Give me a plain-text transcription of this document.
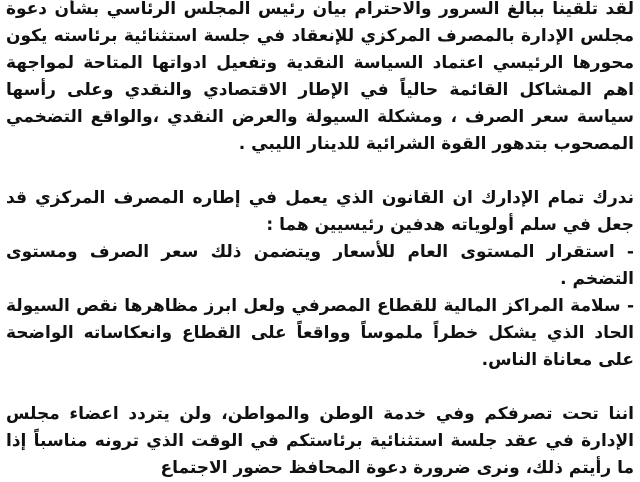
لقد تلقينا ببالغ السرور والاحترام بيان رئيس المجلس الرئاسي بشأن دعوة مجلس الإدارة بالمصرف المركزي للإنعقاد في جلسة استثنائية برئاسته يكون محورها الرئيسي اعتماد السياسة النقدية وتفعيل ادواتها المتاحة لمواجهة اهم المشاكل القائمة حالياً في الإطار الاقتصادي والنقدي وعلى رأسها سياسة سعر الصرف ، ومشكلة السيولة والعرض النقدي ،والواقع التضخمي المصحوب بتدهور القوة الشرائية للدينار الليبي .

ندرك تمام الإدارك ان القانون الذي يعمل في إطاره المصرف المركزي قد جعل في سلم أولوياته هدفين رئيسيين هما :
- استقرار المستوى العام للأسعار ويتضمن ذلك سعر الصرف ومستوى التضخم .
- سلامة المراكز المالية للقطاع المصرفي ولعل ابرز مظاهرها نقص السيولة الحاد الذي يشكل خطراً ملموساً وواقعاً على القطاع وانعكاساته الواضحة على معاناة الناس.

اننا تحت تصرفكم وفي خدمة الوطن والمواطن، ولن يتردد اعضاء مجلس الإدارة في عقد جلسة استثنائية برئاستكم في الوقت الذي ترونه مناسباً إذا ما رأيتم ذلك، ونرى ضرورة دعوة المحافظ حضور الاجتماع
